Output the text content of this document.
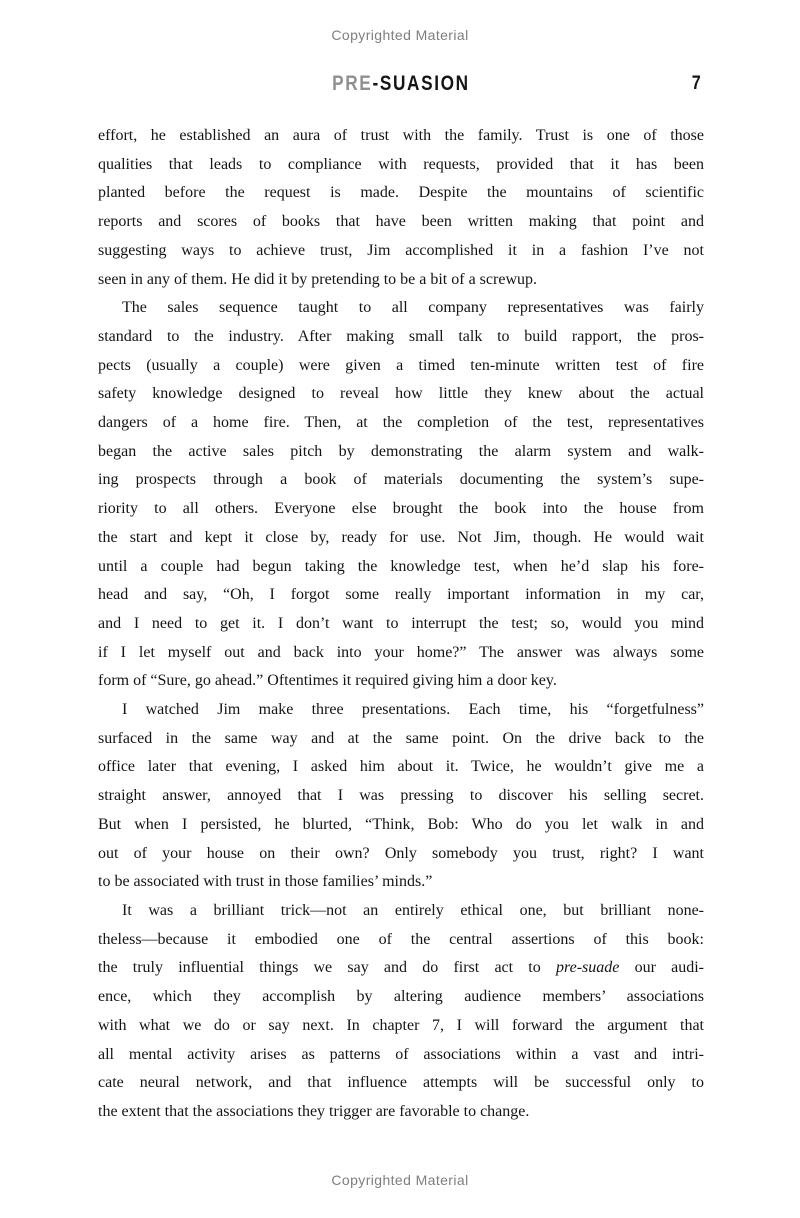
Copyrighted Material
PRE-SUASION	7
effort, he established an aura of trust with the family. Trust is one of those
qualities that leads to compliance with requests, provided that it has been
planted before the request is made. Despite the mountains of scientific
reports and scores of books that have been written making that point and
suggesting ways to achieve trust, Jim accomplished it in a fashion I’ve not
seen in any of them. He did it by pretending to be a bit of a screwup.
The sales sequence taught to all company representatives was fairly
standard to the industry. After making small talk to build rapport, the pros-
pects (usually a couple) were given a timed ten-minute written test of fire
safety knowledge designed to reveal how little they knew about the actual
dangers of a home fire. Then, at the completion of the test, representatives
began the active sales pitch by demonstrating the alarm system and walk-
ing prospects through a book of materials documenting the system’s supe-
riority to all others. Everyone else brought the book into the house from
the start and kept it close by, ready for use. Not Jim, though. He would wait
until a couple had begun taking the knowledge test, when he’d slap his fore-
head and say, “Oh, I forgot some really important information in my car,
and I need to get it. I don’t want to interrupt the test; so, would you mind
if I let myself out and back into your home?” The answer was always some
form of “Sure, go ahead.” Oftentimes it required giving him a door key.
I watched Jim make three presentations. Each time, his “forgetfulness”
surfaced in the same way and at the same point. On the drive back to the
office later that evening, I asked him about it. Twice, he wouldn’t give me a
straight answer, annoyed that I was pressing to discover his selling secret.
But when I persisted, he blurted, “Think, Bob: Who do you let walk in and
out of your house on their own? Only somebody you trust, right? I want
to be associated with trust in those families’ minds.”
It was a brilliant trick—not an entirely ethical one, but brilliant none-
theless—because it embodied one of the central assertions of this book:
the truly influential things we say and do first act to pre-suade our audi-
ence, which they accomplish by altering audience members’ associations
with what we do or say next. In chapter 7, I will forward the argument that
all mental activity arises as patterns of associations within a vast and intri-
cate neural network, and that influence attempts will be successful only to
the extent that the associations they trigger are favorable to change.
Copyrighted Material
